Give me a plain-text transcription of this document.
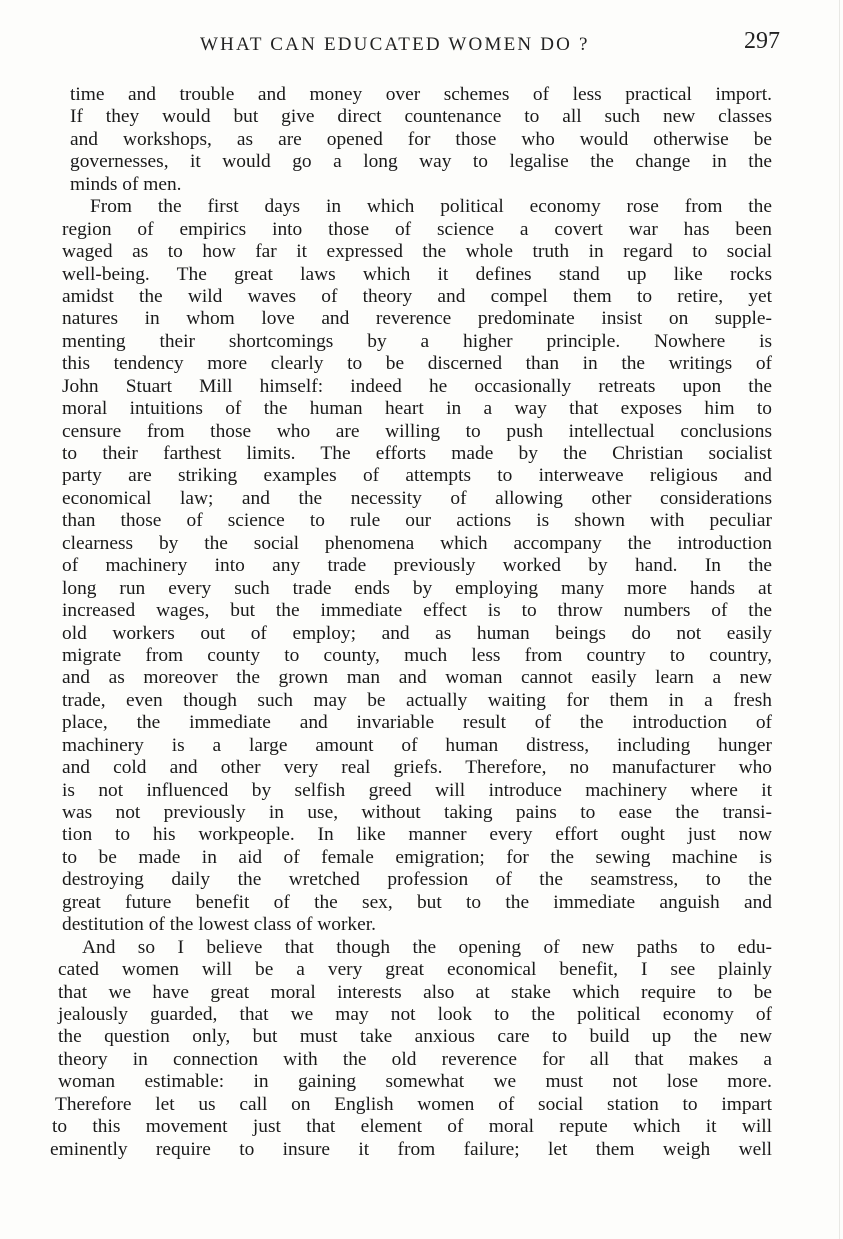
WHAT CAN EDUCATED WOMEN DO ?	297
time and trouble and money over schemes of less practical import.
If they would but give direct countenance to all such new classes
and workshops, as are opened for those who would otherwise be
governesses, it would go a long way to legalise the change in the
minds of men.
From the first days in which political economy rose from the
region of empirics into those of science a covert war has been
waged as to how far it expressed the whole truth in regard to social
well-being. The great laws which it defines stand up like rocks
amidst the wild waves of theory and compel them to retire, yet
natures in whom love and reverence predominate insist on supple-
menting their shortcomings by a higher principle. Nowhere is
this tendency more clearly to be discerned than in the writings of
John Stuart Mill himself: indeed he occasionally retreats upon the
moral intuitions of the human heart in a way that exposes him to
censure from those who are willing to push intellectual conclusions
to their farthest limits. The efforts made by the Christian socialist
party are striking examples of attempts to interweave religious and
economical law; and the necessity of allowing other considerations
than those of science to rule our actions is shown with peculiar
clearness by the social phenomena which accompany the introduction
of machinery into any trade previously worked by hand. In the
long run every such trade ends by employing many more hands at
increased wages, but the immediate effect is to throw numbers of the
old workers out of employ; and as human beings do not easily
migrate from county to county, much less from country to country,
and as moreover the grown man and woman cannot easily learn a new
trade, even though such may be actually waiting for them in a fresh
place, the immediate and invariable result of the introduction of
machinery is a large amount of human distress, including hunger
and cold and other very real griefs. Therefore, no manufacturer who
is not influenced by selfish greed will introduce machinery where it
was not previously in use, without taking pains to ease the transi-
tion to his workpeople. In like manner every effort ought just now
to be made in aid of female emigration; for the sewing machine is
destroying daily the wretched profession of the seamstress, to the
great future benefit of the sex, but to the immediate anguish and
destitution of the lowest class of worker.
And so I believe that though the opening of new paths to edu-
cated women will be a very great economical benefit, I see plainly
that we have great moral interests also at stake which require to be
jealously guarded, that we may not look to the political economy of
the question only, but must take anxious care to build up the new
theory in connection with the old reverence for all that makes a
woman estimable: in gaining somewhat we must not lose more.
Therefore let us call on English women of social station to impart
to this movement just that element of moral repute which it will
eminently require to insure it from failure; let them weigh well
